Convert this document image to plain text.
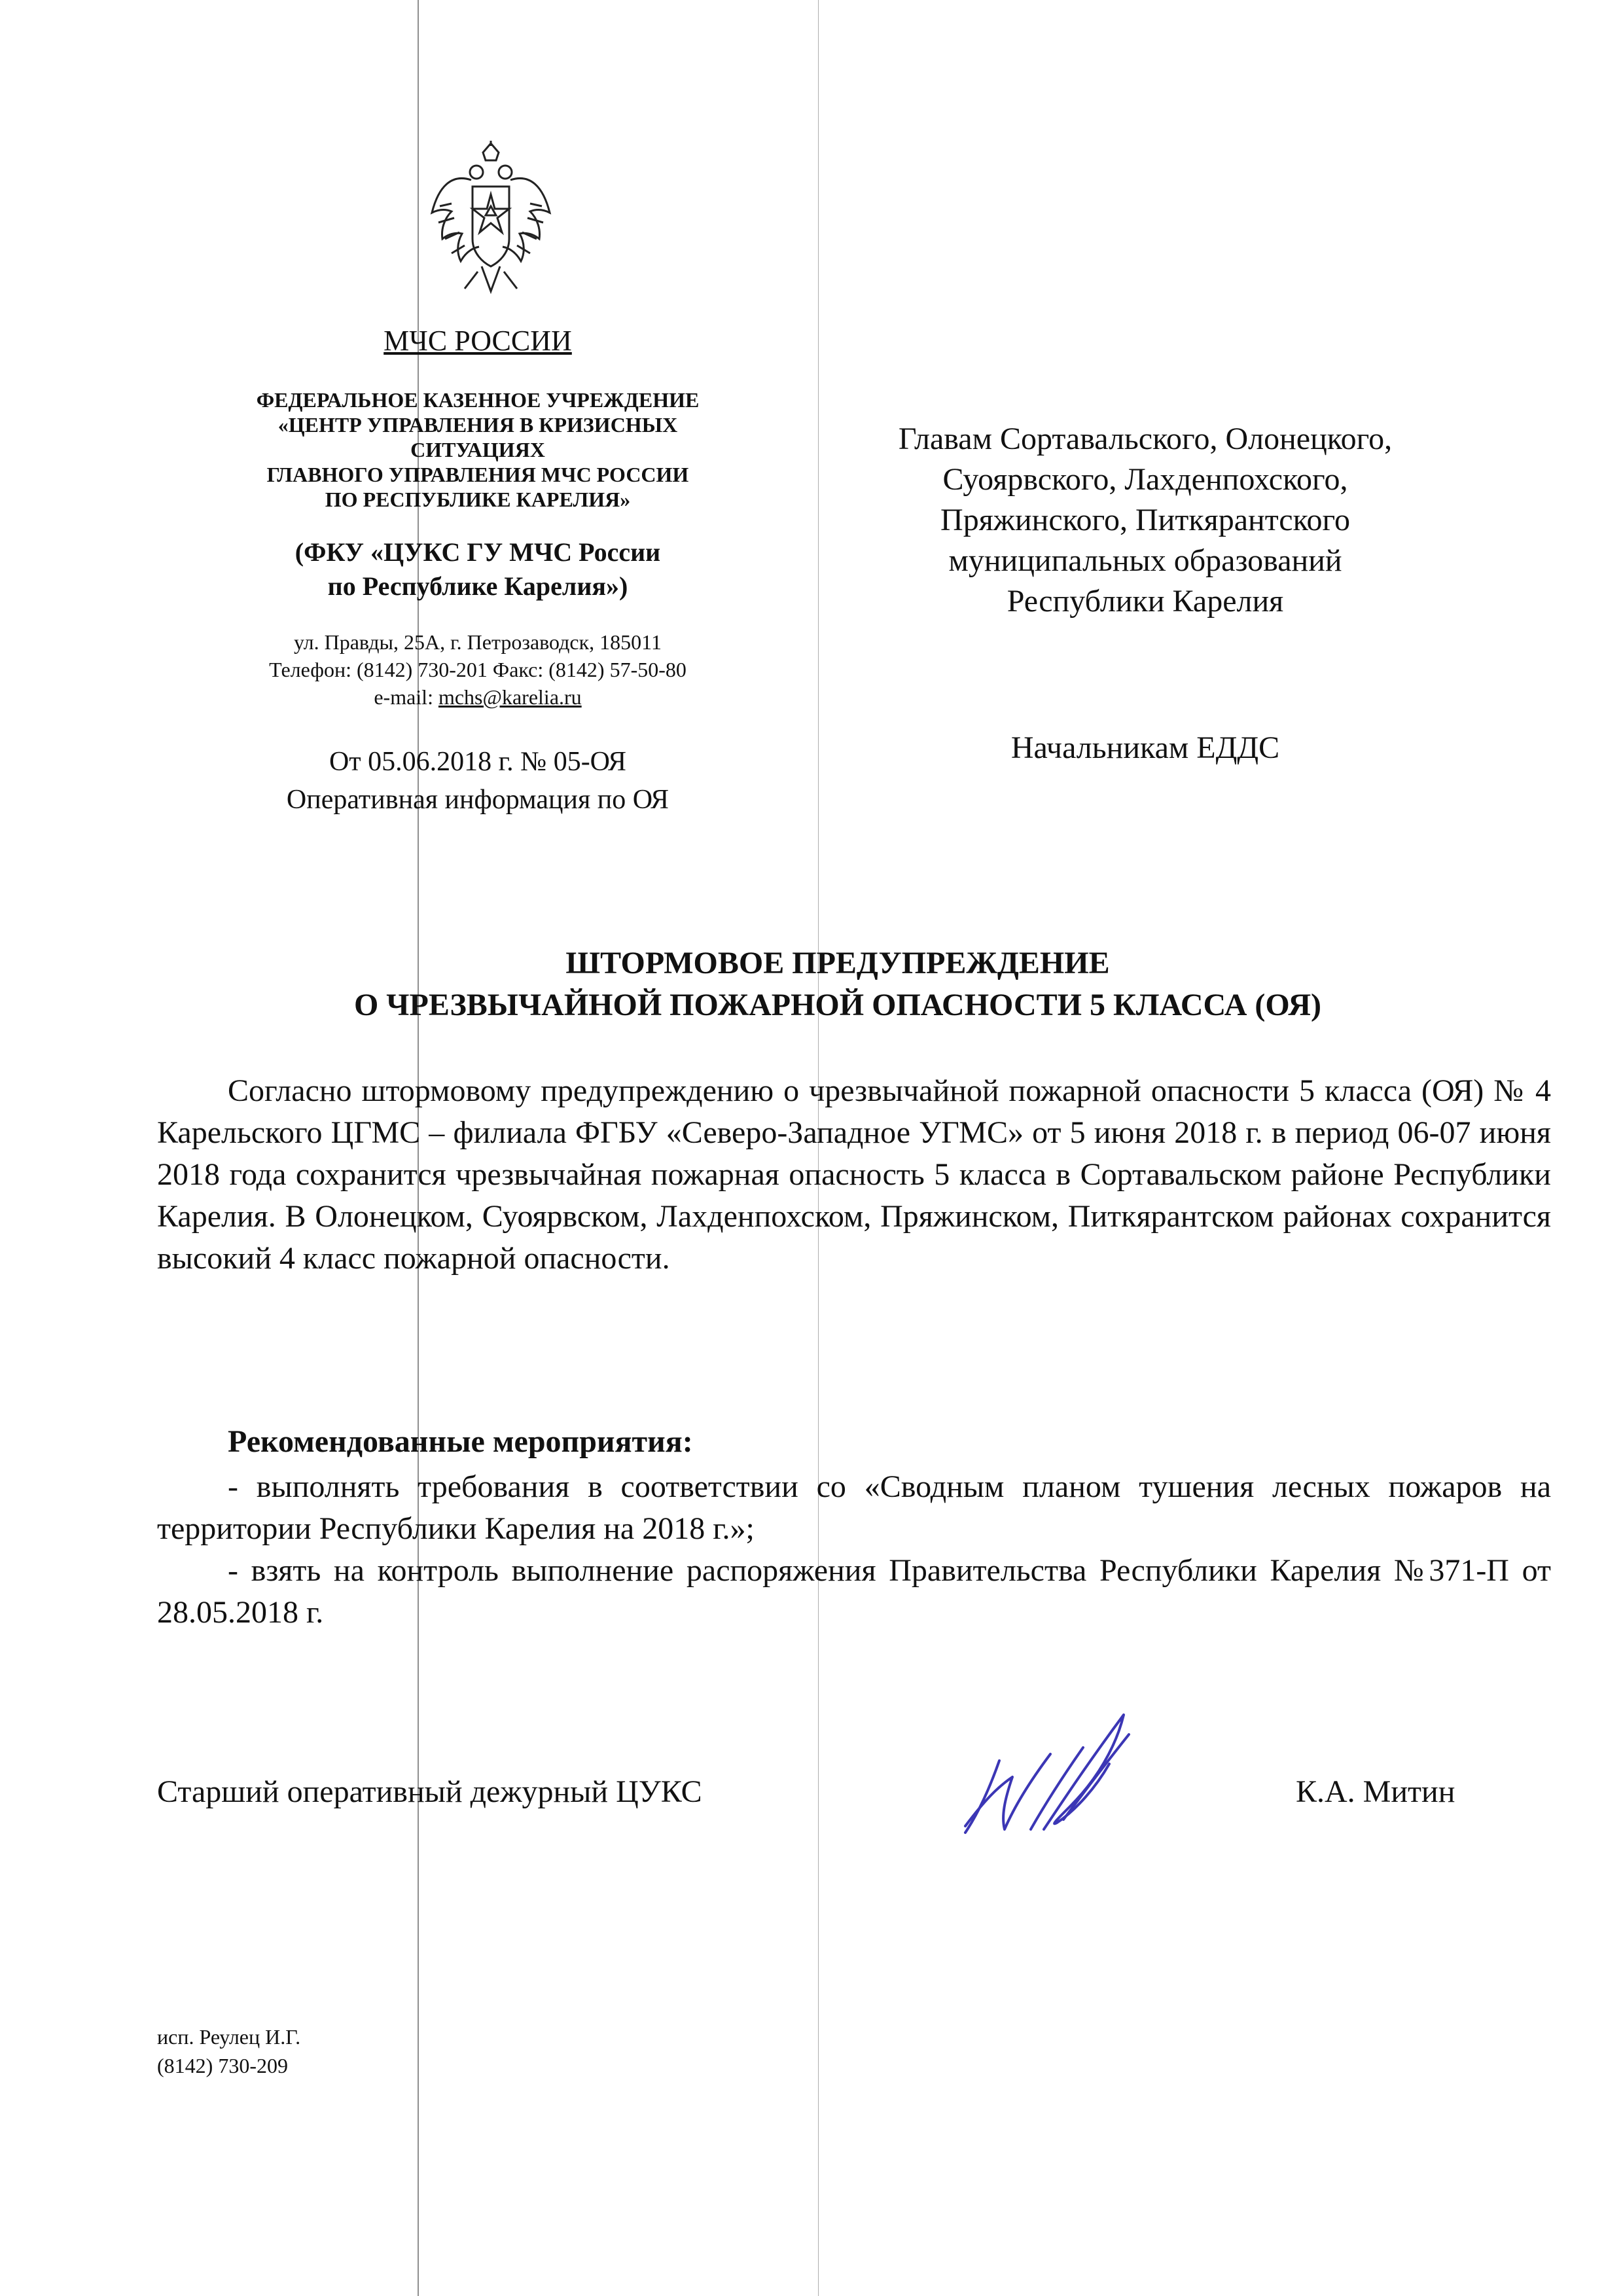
МЧС РОССИИ
ФЕДЕРАЛЬНОЕ КАЗЕННОЕ УЧРЕЖДЕНИЕ
«ЦЕНТР УПРАВЛЕНИЯ В КРИЗИСНЫХ
СИТУАЦИЯХ
ГЛАВНОГО УПРАВЛЕНИЯ МЧС РОССИИ
ПО РЕСПУБЛИКЕ КАРЕЛИЯ»
(ФКУ «ЦУКС ГУ МЧС России
по Республике Карелия»)
ул. Правды, 25А, г. Петрозаводск, 185011
Телефон: (8142) 730-201 Факс: (8142) 57-50-80
e-mail: mchs@karelia.ru
От 05.06.2018 г. № 05-ОЯ
Оперативная информация по ОЯ
Главам Сортавальского, Олонецкого,
Суоярвского, Лахденпохского,
Пряжинского, Питкярантского
муниципальных образований
Республики Карелия
Начальникам ЕДДС
ШТОРМОВОЕ ПРЕДУПРЕЖДЕНИЕ
О ЧРЕЗВЫЧАЙНОЙ ПОЖАРНОЙ ОПАСНОСТИ 5 КЛАССА (ОЯ)
Согласно штормовому предупреждению о чрезвычайной пожарной опасности 5 класса (ОЯ) № 4 Карельского ЦГМС – филиала ФГБУ «Северо-Западное УГМС» от 5 июня 2018 г. в период 06-07 июня 2018 года сохранится чрезвычайная пожарная опасность 5 класса в Сортавальском районе Республики Карелия. В Олонецком, Суоярвском, Лахденпохском, Пряжинском, Питкярантском районах сохранится высокий 4 класс пожарной опасности.
Рекомендованные мероприятия:
- выполнять требования в соответствии со «Сводным планом тушения лесных пожаров на территории Республики Карелия на 2018 г.»;
- взять на контроль выполнение распоряжения Правительства Республики Карелия №371-П от 28.05.2018 г.
Старший оперативный дежурный ЦУКС	К.А. Митин
исп. Реулец И.Г.
(8142) 730-209
